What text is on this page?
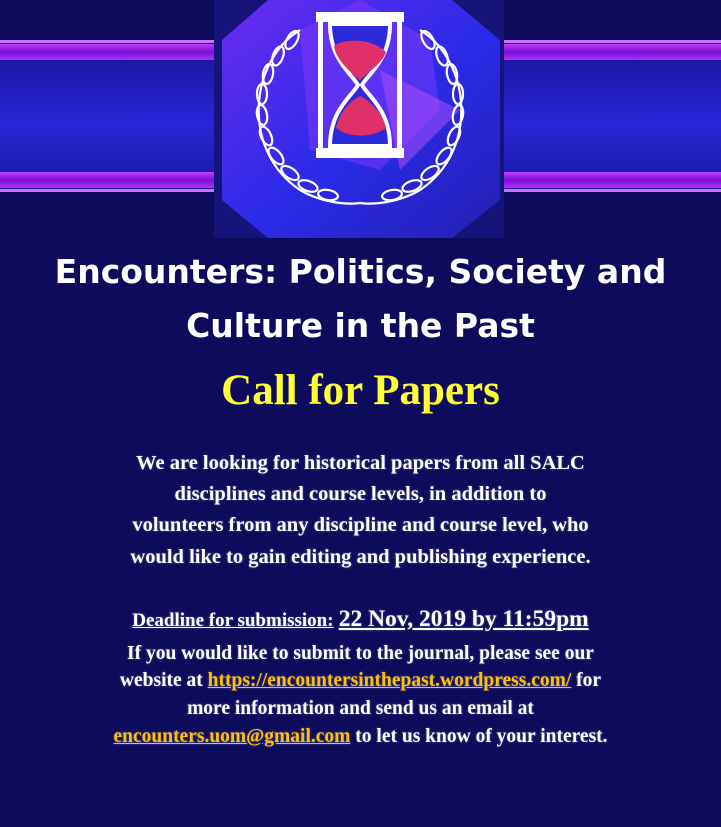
Encounters: Politics, Society and
Culture in the Past
Call for Papers

We are looking for historical papers from all SALC

disciplines and course levels, in addition to

volunteers from any discipline and course level, who

would like to gain editing and publishing experience.

Deadline for submission: 22 Nov, 2019 by 11:59pm

If you would like to submit to the journal, please see our

website at https://encountersinthepast.wordpress.com/ for

more information and send us an email at

encounters.uom@gmail.com to let us know of your interest.
